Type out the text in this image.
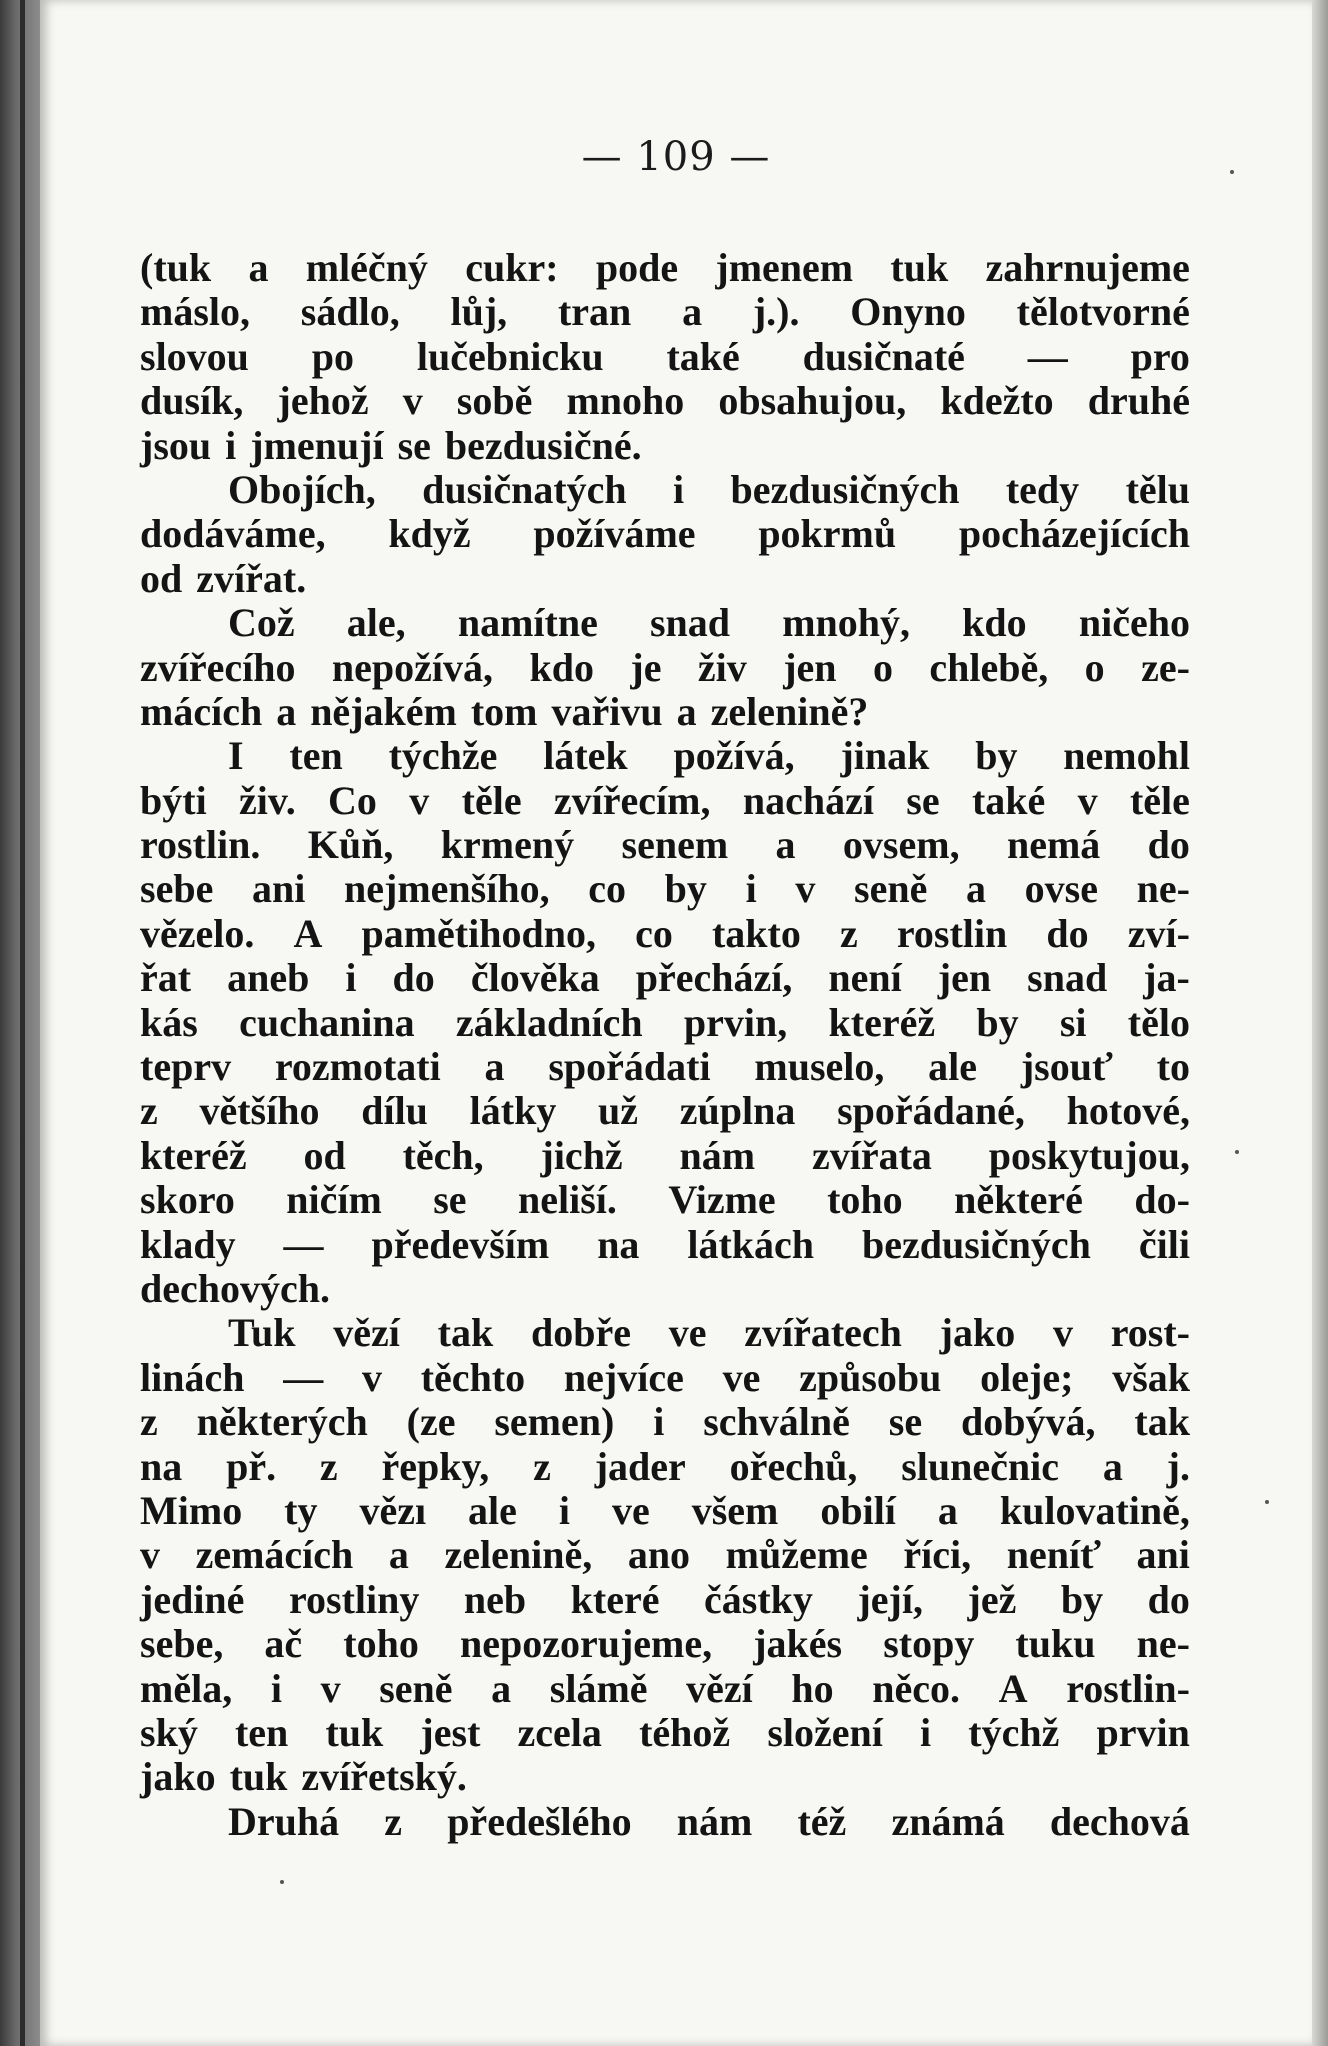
— 109 —
(tuk a mléčný cukr: pode jmenem tuk zahrnujeme
máslo, sádlo, lůj, tran a j.). Onyno tělotvorné
slovou po lučebnicku také dusičnaté — pro
dusík, jehož v sobě mnoho obsahujou, kdežto druhé
jsou i jmenují se bezdusičné.
Obojích, dusičnatých i bezdusičných tedy tělu
dodáváme, když požíváme pokrmů pocházejících
od zvířat.
Což ale, namítne snad mnohý, kdo ničeho
zvířecího nepožívá, kdo je živ jen o chlebě, o ze-
mácích a nějakém tom vařivu a zelenině?
I ten týchže látek požívá, jinak by nemohl
býti živ. Co v těle zvířecím, nachází se také v těle
rostlin. Kůň, krmený senem a ovsem, nemá do
sebe ani nejmenšího, co by i v seně a ovse ne-
vězelo. A pamětihodno, co takto z rostlin do zví-
řat aneb i do člověka přechází, není jen snad ja-
kás cuchanina základních prvin, kteréž by si tělo
teprv rozmotati a spořádati muselo, ale jsouť to
z většího dílu látky už zúplna spořádané, hotové,
kteréž od těch, jichž nám zvířata poskytujou,
skoro ničím se neliší. Vizme toho některé do-
klady — především na látkách bezdusičných čili
dechových.
Tuk vězí tak dobře ve zvířatech jako v rost-
linách — v těchto nejvíce ve způsobu oleje; však
z některých (ze semen) i schválně se dobývá, tak
na př. z řepky, z jader ořechů, slunečnic a j.
Mimo ty vězı ale i ve všem obilí a kulovatině,
v zemácích a zelenině, ano můžeme říci, neníť ani
jediné rostliny neb které částky její, jež by do
sebe, ač toho nepozorujeme, jakés stopy tuku ne-
měla, i v seně a slámě vězí ho něco. A rostlin-
ský ten tuk jest zcela téhož složení i týchž prvin
jako tuk zvířetský.
Druhá z předešlého nám též známá dechová
